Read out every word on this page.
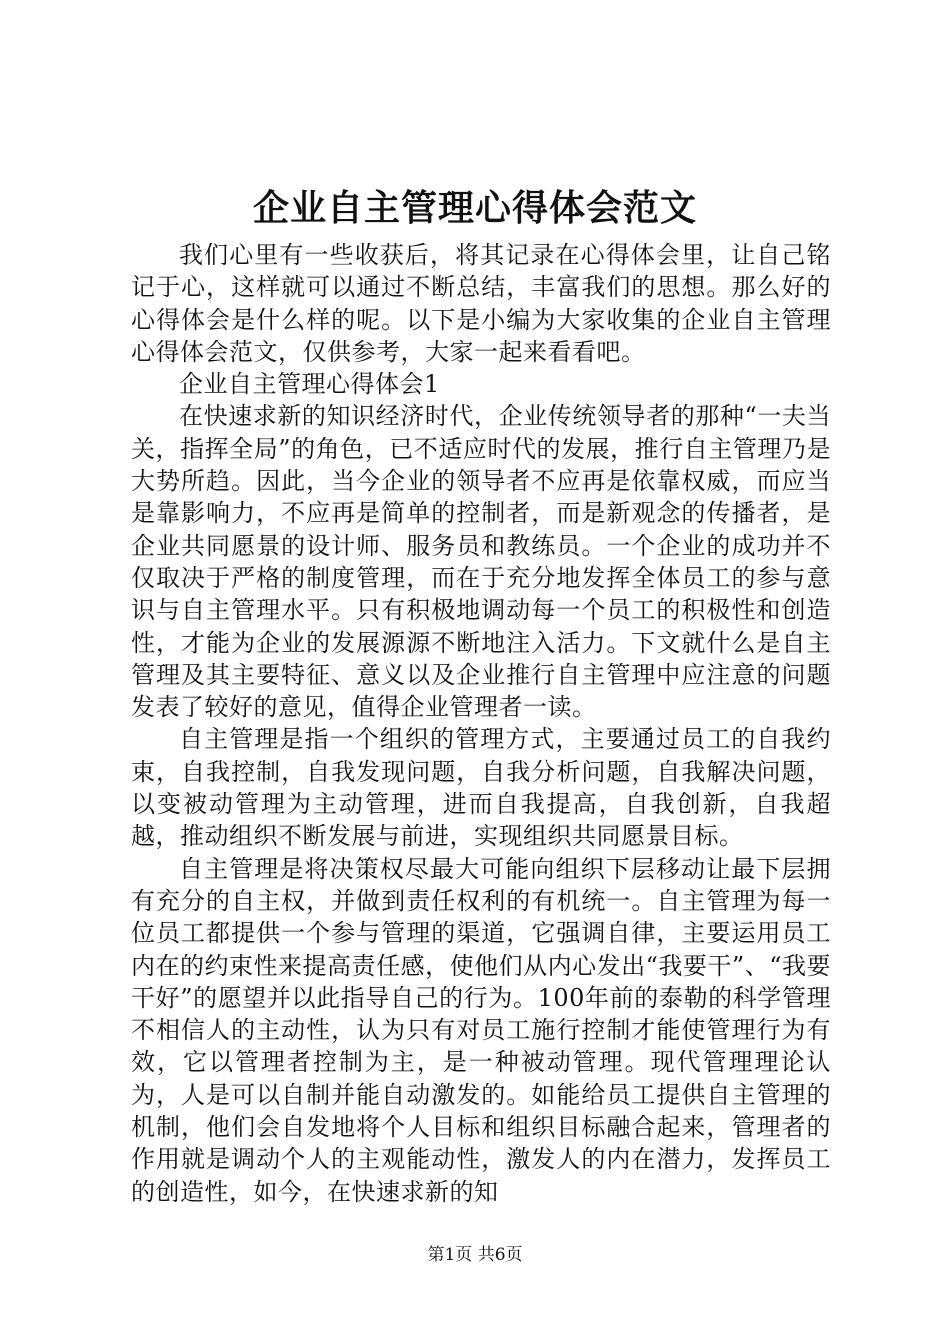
企业自主管理心得体会范文

我们心里有一些收获后，将其记录在心得体会里，让自己铭记于心，这样就可以通过不断总结，丰富我们的思想。那么好的心得体会是什么样的呢。以下是小编为大家收集的企业自主管理心得体会范文，仅供参考，大家一起来看看吧。

企业自主管理心得体会1

在快速求新的知识经济时代，企业传统领导者的那种“一夫当关，指挥全局”的角色，已不适应时代的发展，推行自主管理乃是大势所趋。因此，当今企业的领导者不应再是依靠权威，而应当是靠影响力，不应再是简单的控制者，而是新观念的传播者，是企业共同愿景的设计师、服务员和教练员。一个企业的成功并不仅取决于严格的制度管理，而在于充分地发挥全体员工的参与意识与自主管理水平。只有积极地调动每一个员工的积极性和创造性，才能为企业的发展源源不断地注入活力。下文就什么是自主管理及其主要特征、意义以及企业推行自主管理中应注意的问题发表了较好的意见，值得企业管理者一读。

自主管理是指一个组织的管理方式，主要通过员工的自我约束，自我控制，自我发现问题，自我分析问题，自我解决问题，以变被动管理为主动管理，进而自我提高，自我创新，自我超越，推动组织不断发展与前进，实现组织共同愿景目标。

自主管理是将决策权尽最大可能向组织下层移动让最下层拥有充分的自主权，并做到责任权利的有机统一。自主管理为每一位员工都提供一个参与管理的渠道，它强调自律，主要运用员工内在的约束性来提高责任感，使他们从内心发出“我要干”、“我要干好”的愿望并以此指导自己的行为。100年前的泰勒的科学管理不相信人的主动性，认为只有对员工施行控制才能使管理行为有效，它以管理者控制为主，是一种被动管理。现代管理理论认为，人是可以自制并能自动激发的。如能给员工提供自主管理的机制，他们会自发地将个人目标和组织目标融合起来，管理者的作用就是调动个人的主观能动性，激发人的内在潜力，发挥员工的创造性，如今，在快速求新的知

第1页 共6页
